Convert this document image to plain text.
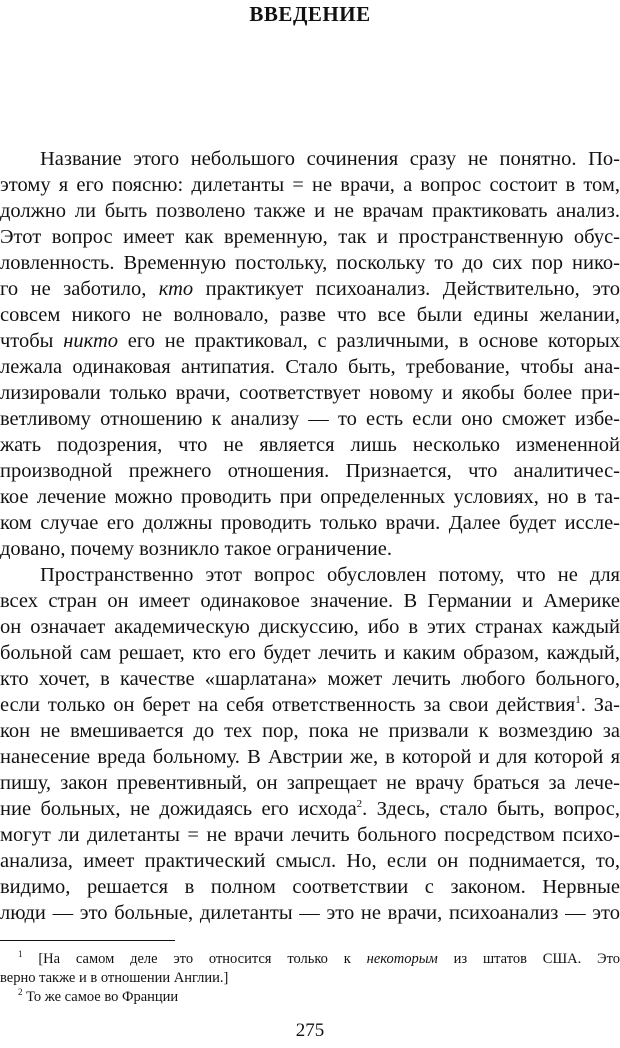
ВВЕДЕНИЕ
Название этого небольшого сочинения сразу не понятно. По-
этому я его поясню: дилетанты = не врачи, а вопрос состоит в том,
должно ли быть позволено также и не врачам практиковать анализ.
Этот вопрос имеет как временную, так и пространственную обус-
ловленность. Временную постольку, поскольку то до сих пор нико-
го не заботило, кто практикует психоанализ. Действительно, это
совсем никого не волновало, разве что все были едины желании,
чтобы никто его не практиковал, с различными, в основе которых
лежала одинаковая антипатия. Стало быть, требование, чтобы ана-
лизировали только врачи, соответствует новому и якобы более при-
ветливому отношению к анализу — то есть если оно сможет избе-
жать подозрения, что не является лишь несколько измененной
производной прежнего отношения. Признается, что аналитичес-
кое лечение можно проводить при определенных условиях, но в та-
ком случае его должны проводить только врачи. Далее будет иссле-
довано, почему возникло такое ограничение.
Пространственно этот вопрос обусловлен потому, что не для
всех стран он имеет одинаковое значение. В Германии и Америке
он означает академическую дискуссию, ибо в этих странах каждый
больной сам решает, кто его будет лечить и каким образом, каждый,
кто хочет, в качестве «шарлатана» может лечить любого больного,
если только он берет на себя ответственность за свои действия$^1$. За-
кон не вмешивается до тех пор, пока не призвали к возмездию за
нанесение вреда больному. В Австрии же, в которой и для которой я
пишу, закон превентивный, он запрещает не врачу браться за лече-
ние больных, не дожидаясь его исхода$^2$. Здесь, стало быть, вопрос,
могут ли дилетанты = не врачи лечить больного посредством психо-
анализа, имеет практический смысл. Но, если он поднимается, то,
видимо, решается в полном соответствии с законом. Нервные
люди — это больные, дилетанты — это не врачи, психоанализ — это
$^1$ [На самом деле это относится только к некоторым из штатов США. Это
верно также и в отношении Англии.]
$^2$ То же самое во Франции
275
